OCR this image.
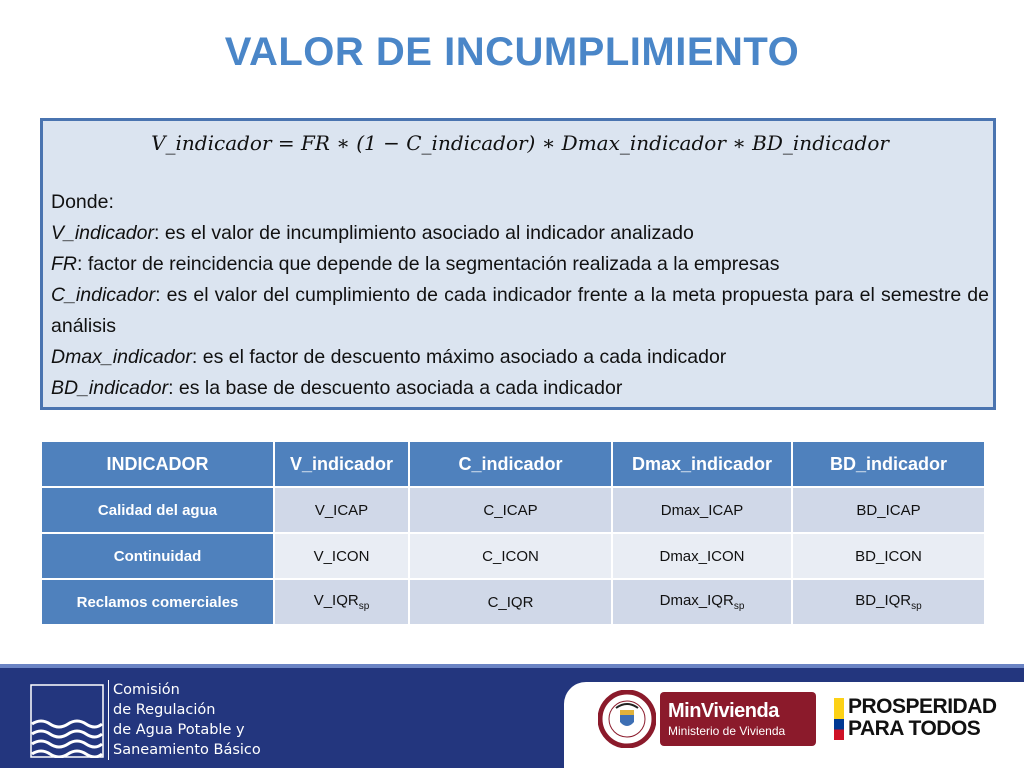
VALOR DE INCUMPLIMIENTO
V_indicador = FR ∗ (1 − C_indicador) ∗ Dmax_indicador ∗ BD_indicador
Donde:
V_indicador: es el valor de incumplimiento asociado al indicador analizado
FR: factor de reincidencia que depende de la segmentación realizada a la empresas
C_indicador: es el valor del cumplimiento de cada indicador frente a la meta propuesta para el semestre de análisis
Dmax_indicador: es el factor de descuento máximo asociado a cada indicador
BD_indicador: es la base de descuento asociada a cada indicador
INDICADOR	V_indicador	C_indicador	Dmax_indicador	BD_indicador
Calidad del agua	V_ICAP	C_ICAP	Dmax_ICAP	BD_ICAP
Continuidad	V_ICON	C_ICON	Dmax_ICON	BD_ICON
Reclamos comerciales	$V\_IQR_{sp}$	C_IQR	$Dmax\_IQR_{sp}$	$BD\_IQR_{sp}$
Comisión
de Regulación
de Agua Potable y
Saneamiento Básico
MinVivienda
Ministerio de Vivienda
PROSPERIDAD
PARA TODOS
